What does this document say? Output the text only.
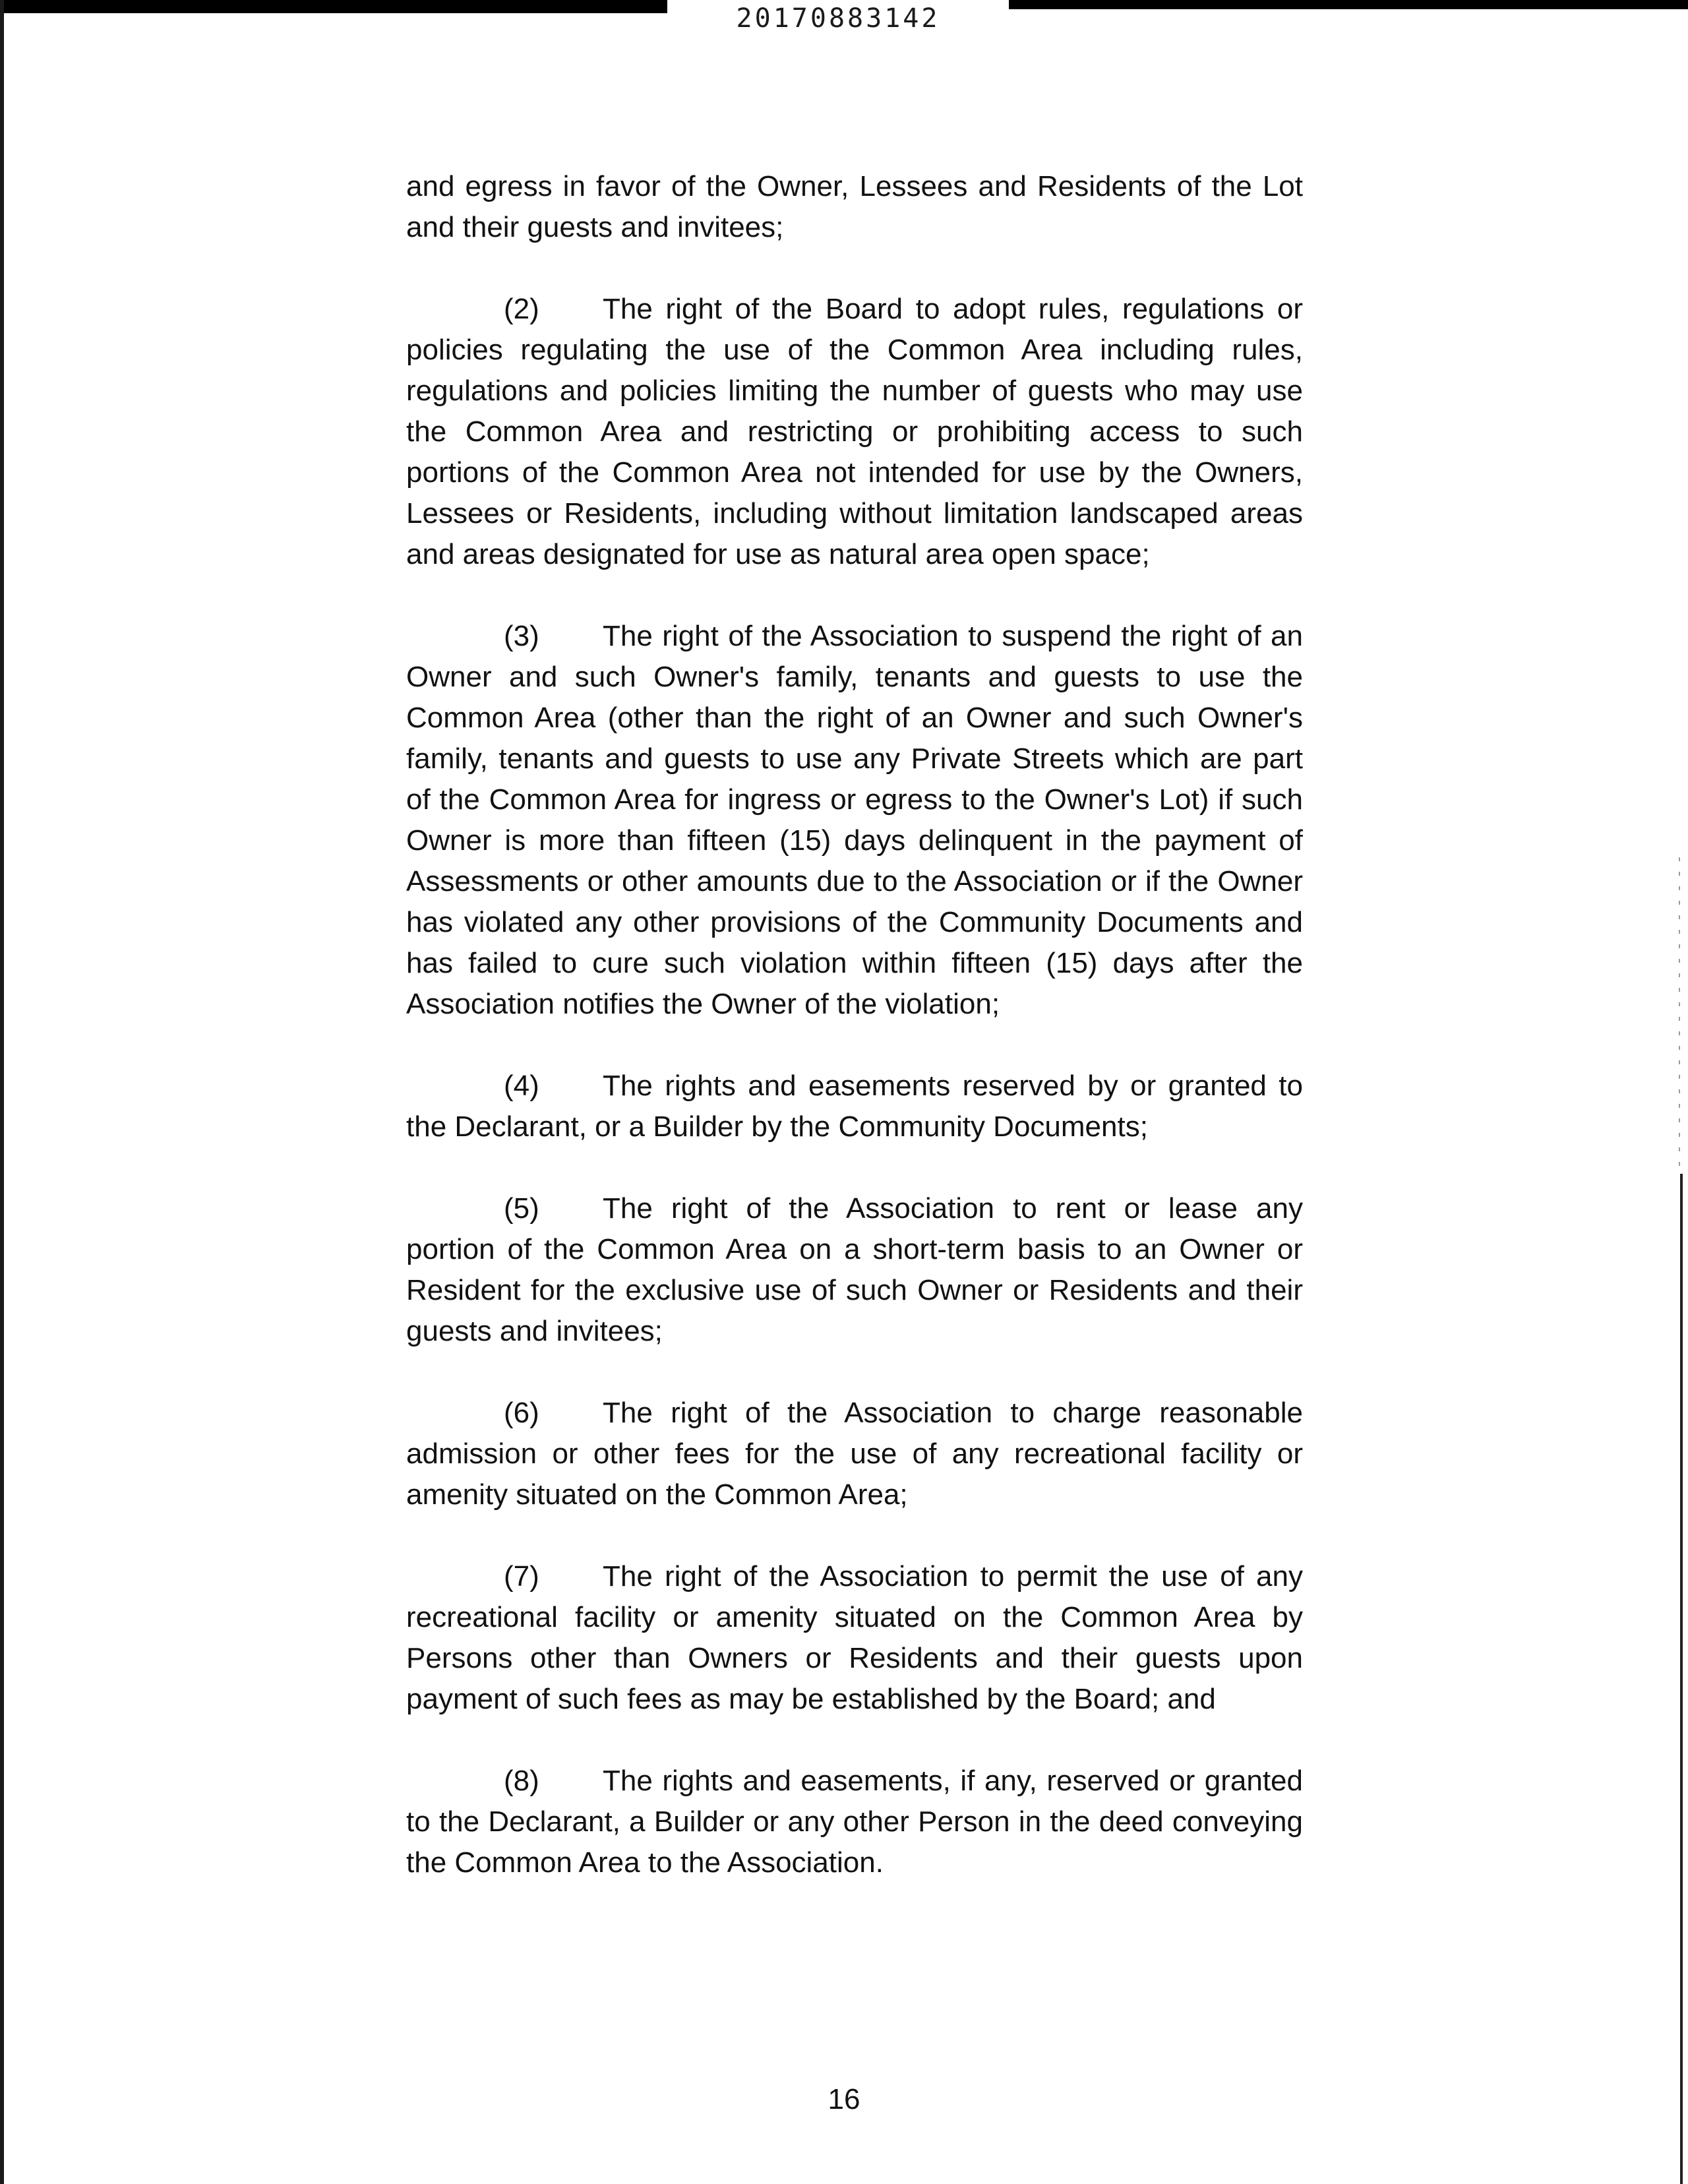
20170883142

and egress in favor of the Owner, Lessees and Residents of the Lot and their guests and invitees;

(2) The right of the Board to adopt rules, regulations or policies regulating the use of the Common Area including rules, regulations and policies limiting the number of guests who may use the Common Area and restricting or prohibiting access to such portions of the Common Area not intended for use by the Owners, Lessees or Residents, including without limitation landscaped areas and areas designated for use as natural area open space;

(3) The right of the Association to suspend the right of an Owner and such Owner's family, tenants and guests to use the Common Area (other than the right of an Owner and such Owner's family, tenants and guests to use any Private Streets which are part of the Common Area for ingress or egress to the Owner's Lot) if such Owner is more than fifteen (15) days delinquent in the payment of Assessments or other amounts due to the Association or if the Owner has violated any other provisions of the Community Documents and has failed to cure such violation within fifteen (15) days after the Association notifies the Owner of the violation;

(4) The rights and easements reserved by or granted to the Declarant, or a Builder by the Community Documents;

(5) The right of the Association to rent or lease any portion of the Common Area on a short-term basis to an Owner or Resident for the exclusive use of such Owner or Residents and their guests and invitees;

(6) The right of the Association to charge reasonable admission or other fees for the use of any recreational facility or amenity situated on the Common Area;

(7) The right of the Association to permit the use of any recreational facility or amenity situated on the Common Area by Persons other than Owners or Residents and their guests upon payment of such fees as may be established by the Board; and

(8) The rights and easements, if any, reserved or granted to the Declarant, a Builder or any other Person in the deed conveying the Common Area to the Association.

16
